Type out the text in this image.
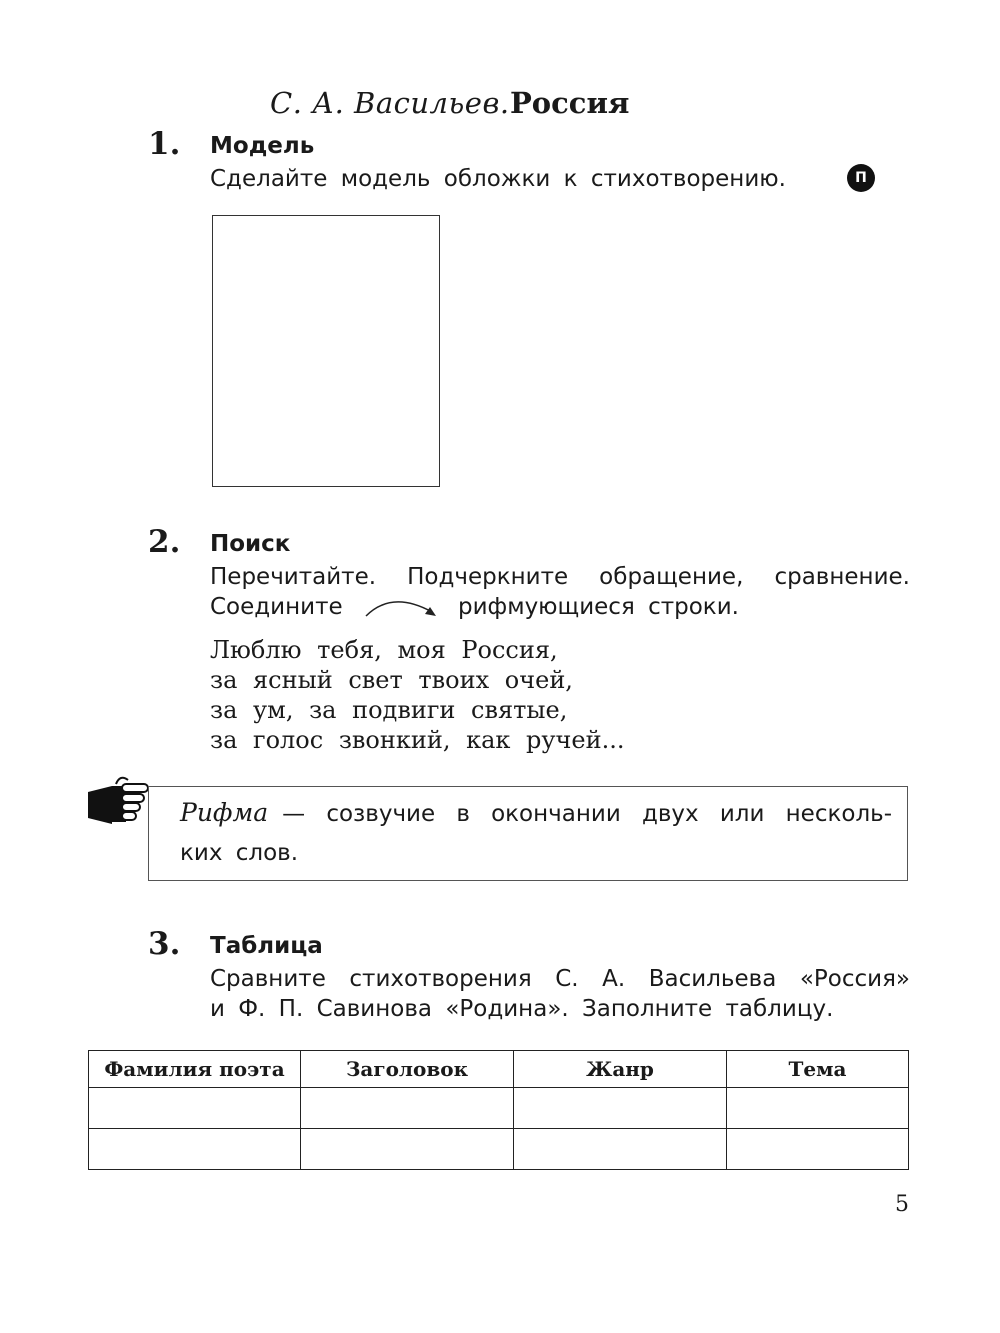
С. А. Васильев. Россия
1. Модель
Сделайте модель обложки к стихотворению.	П
2. Поиск
Перечитайте. Подчеркните обращение, сравнение.
Соедините	рифмующиеся строки.
Люблю тебя, моя Россия,
за ясный свет твоих очей,
за ум, за подвиги святые,
за голос звонкий, как ручей...
Рифма — созвучие в окончании двух или несколь-
ких слов.
3. Таблица
Сравните стихотворения С. А. Васильева «Россия»
и Ф. П. Савинова «Родина». Заполните таблицу.
Фамилия поэта	Заголовок	Жанр	Тема

5
